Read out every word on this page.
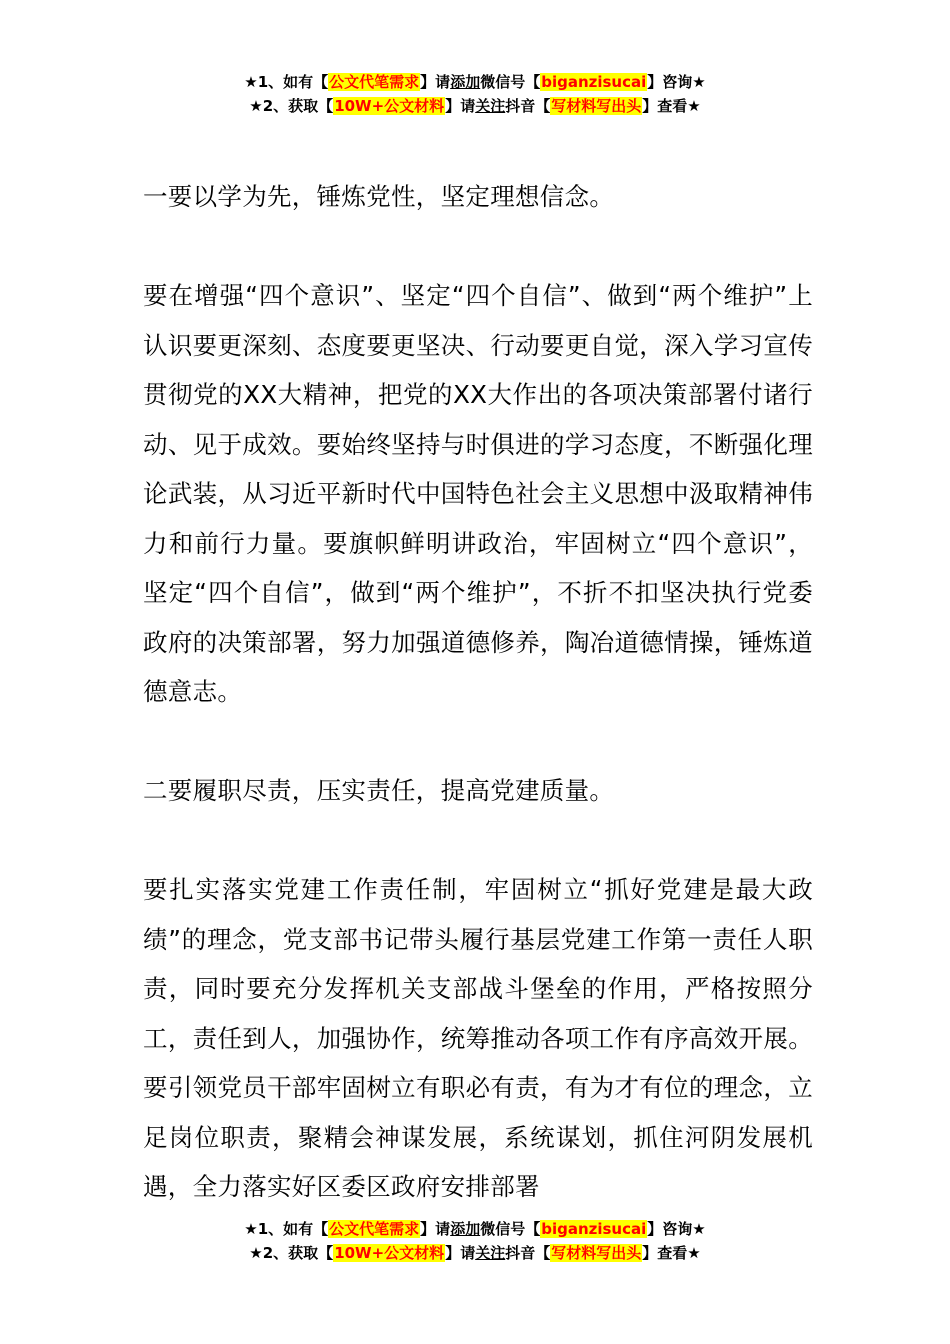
★1、如有【公文代笔需求】请添加微信号【biganzisucai】咨询★
★2、获取【10W+公文材料】请关注抖音【写材料写出头】查看★

一要以学为先，锤炼党性，坚定理想信念。

要在增强“四个意识”、坚定“四个自信”、做到“两个维护”上认识要更深刻、态度要更坚决、行动要更自觉，深入学习宣传贯彻党的XX大精神，把党的XX大作出的各项决策部署付诸行动、见于成效。要始终坚持与时俱进的学习态度，不断强化理论武装，从习近平新时代中国特色社会主义思想中汲取精神伟力和前行力量。要旗帜鲜明讲政治，牢固树立“四个意识”，坚定“四个自信”，做到“两个维护”，不折不扣坚决执行党委政府的决策部署，努力加强道德修养，陶冶道德情操，锤炼道德意志。

二要履职尽责，压实责任，提高党建质量。

要扎实落实党建工作责任制，牢固树立“抓好党建是最大政绩”的理念，党支部书记带头履行基层党建工作第一责任人职责，同时要充分发挥机关支部战斗堡垒的作用，严格按照分工，责任到人，加强协作，统筹推动各项工作有序高效开展。要引领党员干部牢固树立有职必有责，有为才有位的理念，立足岗位职责，聚精会神谋发展，系统谋划，抓住河阴发展机遇，全力落实好区委区政府安排部署

★1、如有【公文代笔需求】请添加微信号【biganzisucai】咨询★
★2、获取【10W+公文材料】请关注抖音【写材料写出头】查看★
